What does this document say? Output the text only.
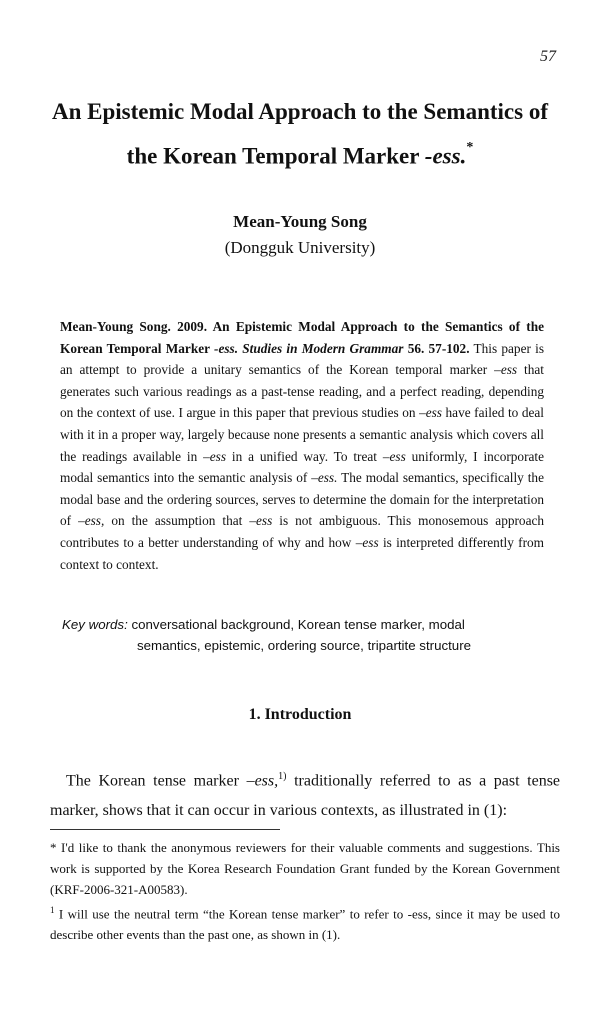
57
An Epistemic Modal Approach to the Semantics of
the Korean Temporal Marker -ess.*
Mean-Young Song
(Dongguk University)
Mean-Young Song. 2009. An Epistemic Modal Approach to the Semantics of the Korean Temporal Marker -ess. Studies in Modern Grammar 56. 57-102. This paper is an attempt to provide a unitary semantics of the Korean temporal marker –ess that generates such various readings as a past-tense reading, and a perfect reading, depending on the context of use. I argue in this paper that previous studies on –ess have failed to deal with it in a proper way, largely because none presents a semantic analysis which covers all the readings available in –ess in a unified way. To treat –ess uniformly, I incorporate modal semantics into the semantic analysis of –ess. The modal semantics, specifically the modal base and the ordering sources, serves to determine the domain for the interpretation of –ess, on the assumption that –ess is not ambiguous. This monosemous approach contributes to a better understanding of why and how –ess is interpreted differently from context to context.
Key words: conversational background, Korean tense marker, modal
semantics, epistemic, ordering source, tripartite structure
1. Introduction

The Korean tense marker –ess,$^{1)}$ traditionally referred to as a past tense marker, shows that it can occur in various contexts, as illustrated in (1):

* I'd like to thank the anonymous reviewers for their valuable comments and suggestions. This work is supported by the Korea Research Foundation Grant funded by the Korean Government (KRF-2006-321-A00583).

$^1$ I will use the neutral term “the Korean tense marker” to refer to -ess, since it may be used to describe other events than the past one, as shown in (1).
